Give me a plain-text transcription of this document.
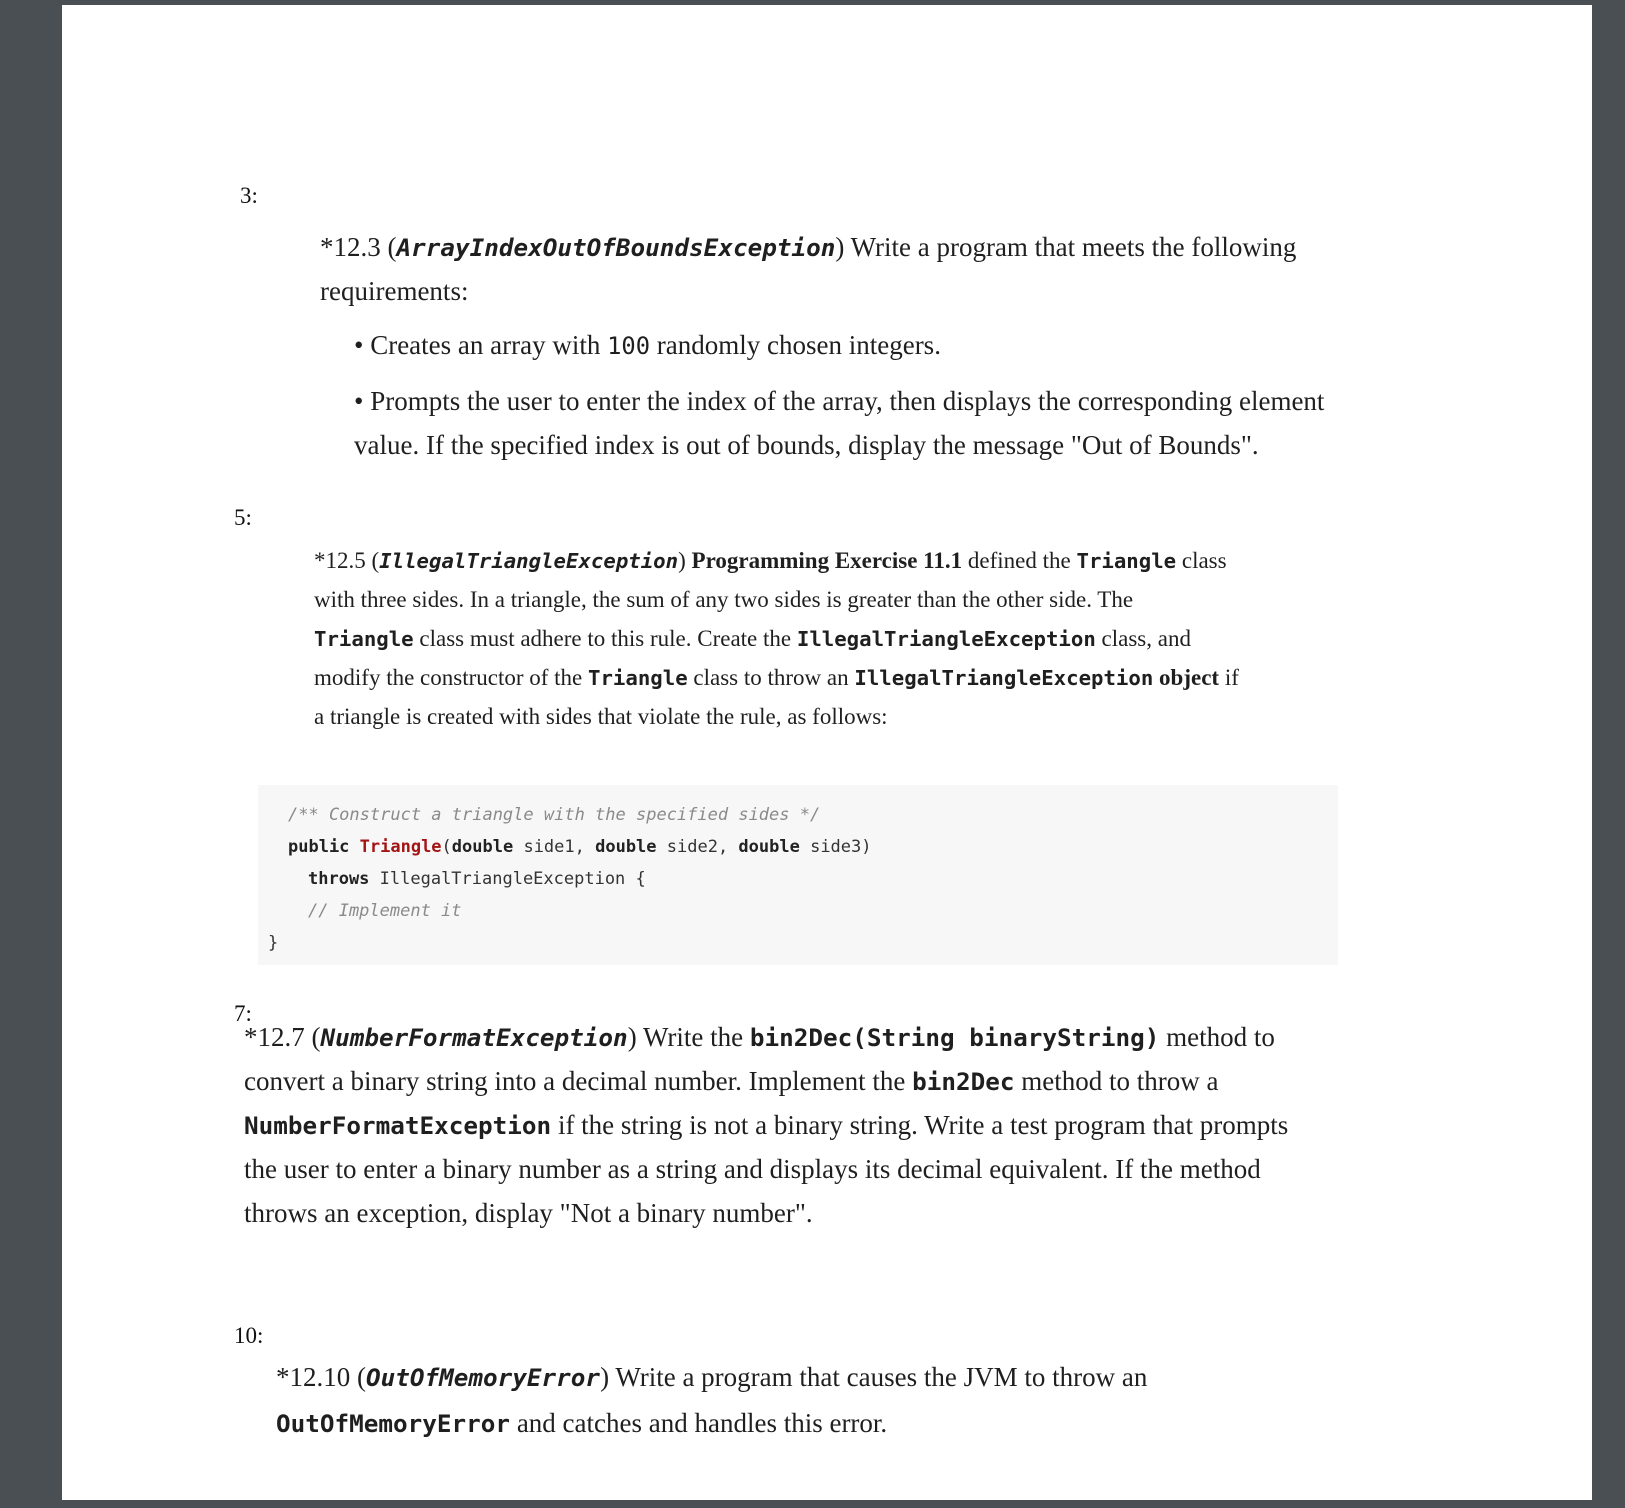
3:
*12.3 (ArrayIndexOutOfBoundsException) Write a program that meets the following
requirements:
• Creates an array with 100 randomly chosen integers.
• Prompts the user to enter the index of the array, then displays the corresponding element
value. If the specified index is out of bounds, display the message "Out of Bounds".
5:
*12.5 (IllegalTriangleException) Programming Exercise 11.1 defined the Triangle class
with three sides. In a triangle, the sum of any two sides is greater than the other side. The
Triangle class must adhere to this rule. Create the IllegalTriangleException class, and
modify the constructor of the Triangle class to throw an IllegalTriangleException object if
a triangle is created with sides that violate the rule, as follows:
/** Construct a triangle with the specified sides */
public Triangle(double side1, double side2, double side3)
throws IllegalTriangleException {
// Implement it
}
7:
*12.7 (NumberFormatException) Write the bin2Dec(String binaryString) method to
convert a binary string into a decimal number. Implement the bin2Dec method to throw a
NumberFormatException if the string is not a binary string. Write a test program that prompts
the user to enter a binary number as a string and displays its decimal equivalent. If the method
throws an exception, display "Not a binary number".
10:
*12.10 (OutOfMemoryError) Write a program that causes the JVM to throw an
OutOfMemoryError and catches and handles this error.
